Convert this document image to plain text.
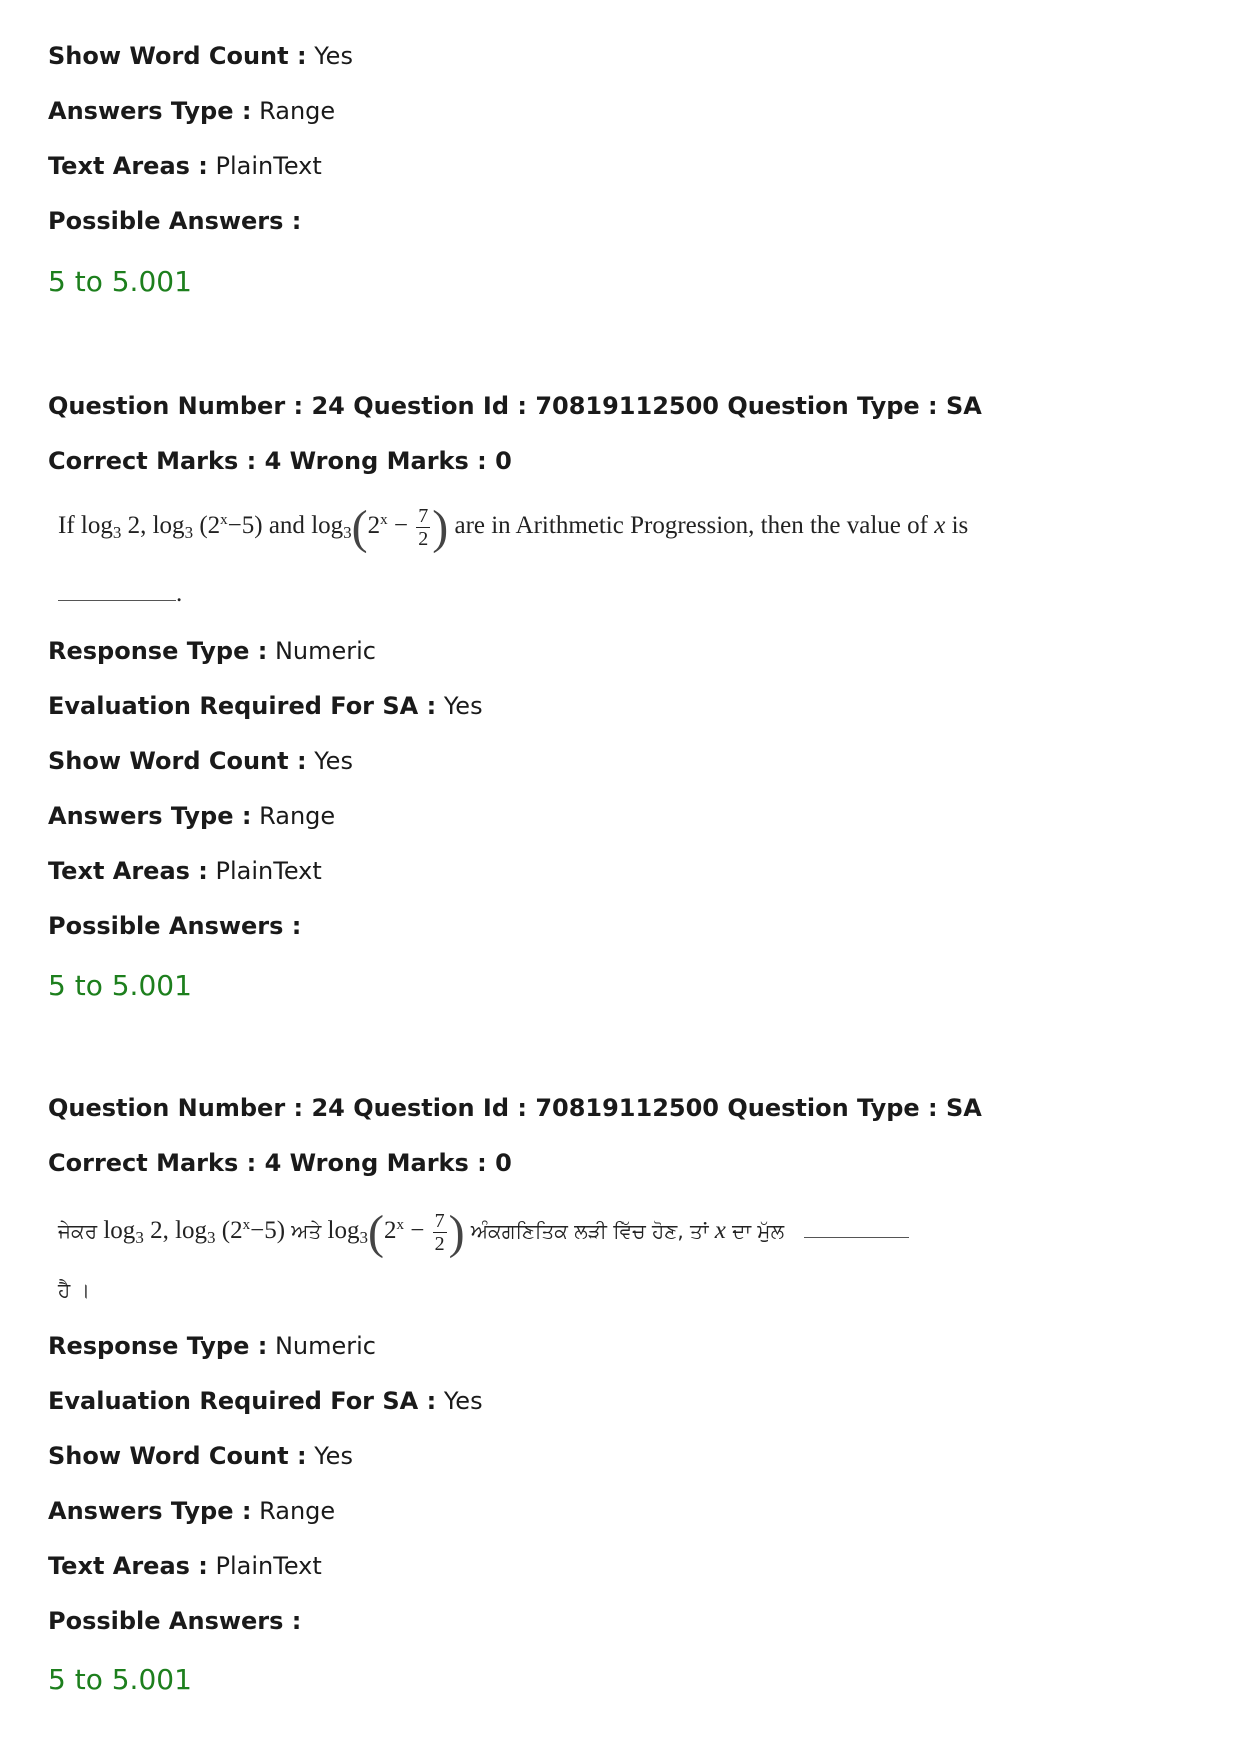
Show Word Count : Yes
Answers Type : Range
Text Areas : PlainText
Possible Answers :
5 to 5.001
Question Number : 24 Question Id : 70819112500 Question Type : SA
Correct Marks : 4 Wrong Marks : 0
If $\log_3 2$, $\log_3 (2^x-5)$ and $\log_3(2^x - \frac{7}{2}$ ) are in Arithmetic Progression, then the value of x is
.
Response Type : Numeric
Evaluation Required For SA : Yes
Show Word Count : Yes
Answers Type : Range
Text Areas : PlainText
Possible Answers :
5 to 5.001
Question Number : 24 Question Id : 70819112500 Question Type : SA
Correct Marks : 4 Wrong Marks : 0
ਜੇਕਰ $\log_3 2$, $\log_3 (2^x-5)$ ਅਤੇ $\log_3(2^x - \frac{7}{2}$ ) ਅੰਕਗਣਿਤਿਕ ਲੜੀ ਵਿੱਚ ਹੋਣ, ਤਾਂ x ਦਾ ਮੁੱਲ
ਹੈ ।
Response Type : Numeric
Evaluation Required For SA : Yes
Show Word Count : Yes
Answers Type : Range
Text Areas : PlainText
Possible Answers :
5 to 5.001
